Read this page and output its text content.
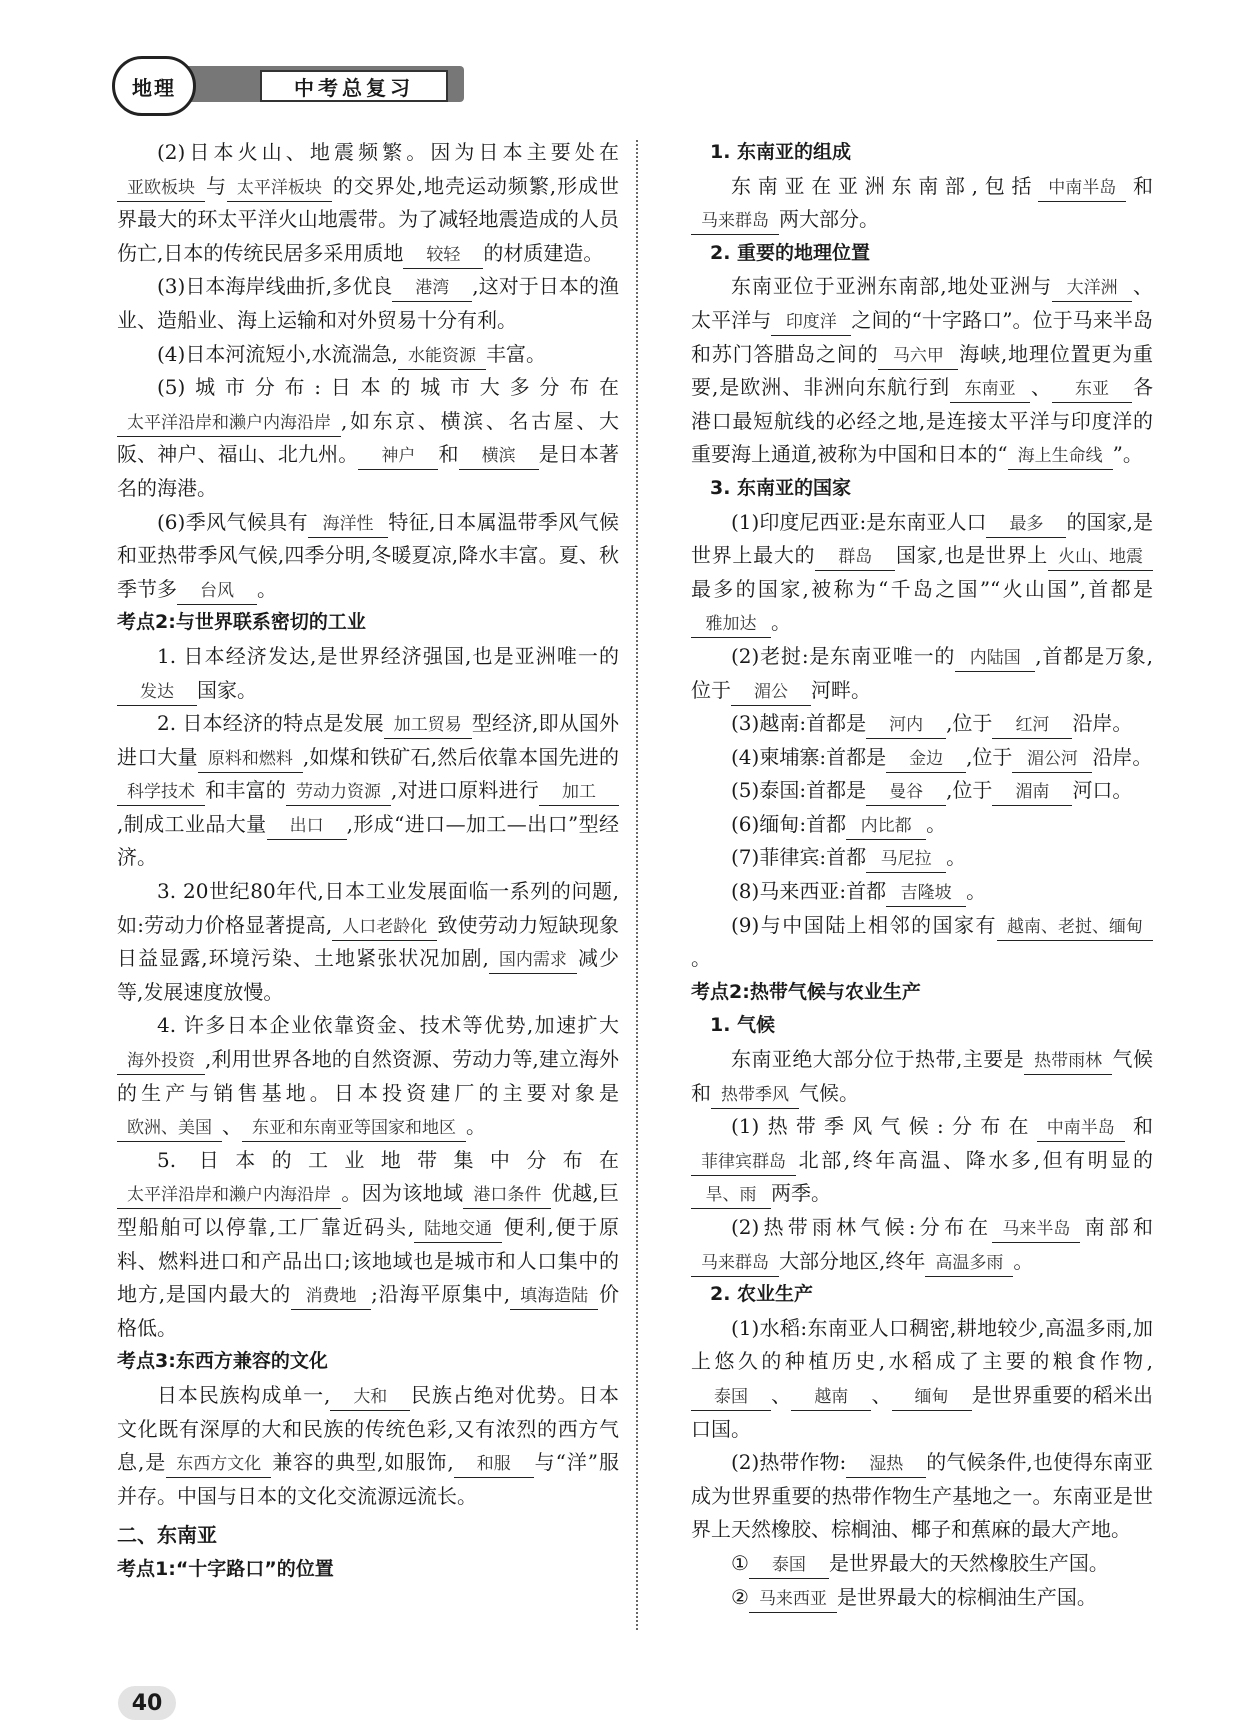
地理	中考总复习

(2)日本火山、地震频繁。因为日本主要处在亚欧板块 与 太平洋板块 的交界处,地壳运动频繁,形成世界最大的环太平洋火山地震带。为了减轻地震造成的人员伤亡,日本的传统民居多采用质地 较轻 的材质建造。

(3)日本海岸线曲折,多优良 港湾 ,这对于日本的渔业、造船业、海上运输和对外贸易十分有利。

(4)日本河流短小,水流湍急, 水能资源 丰富。

(5)城市分布:日本的城市大多分布在太平洋沿岸和濑户内海沿岸 ,如东京、横滨、名古屋、大阪、神户、福山、北九州。 神户 和 横滨 是日本著名的海港。

(6)季风气候具有 海洋性 特征,日本属温带季风气候和亚热带季风气候,四季分明,冬暖夏凉,降水丰富。夏、秋季节多 台风 。

考点2:与世界联系密切的工业

1. 日本经济发达,是世界经济强国,也是亚洲唯一的发达 国家。

2. 日本经济的特点是发展 加工贸易 型经济,即从国外进口大量 原料和燃料 ,如煤和铁矿石,然后依靠本国先进的科学技术 和丰富的 劳动力资源 ,对进口原料进行 加工,制成工业品大量 出口 ,形成“进口—加工—出口”型经济。

3. 20世纪80年代,日本工业发展面临一系列的问题,如:劳动力价格显著提高, 人口老龄化 致使劳动力短缺现象日益显露,环境污染、土地紧张状况加剧, 国内需求 减少等,发展速度放慢。

4. 许多日本企业依靠资金、技术等优势,加速扩大海外投资 ,利用世界各地的自然资源、劳动力等,建立海外的生产与销售基地。日本投资建厂的主要对象是欧洲、美国 、 东亚和东南亚等国家和地区 。

5. 日本的工业地带集中分布在太平洋沿岸和濑户内海沿岸 。因为该地域 港口条件 优越,巨型船舶可以停靠,工厂靠近码头, 陆地交通 便利,便于原料、燃料进口和产品出口;该地域也是城市和人口集中的地方,是国内最大的 消费地 ;沿海平原集中, 填海造陆 价格低。

考点3:东西方兼容的文化

日本民族构成单一, 大和 民族占绝对优势。日本文化既有深厚的大和民族的传统色彩,又有浓烈的西方气息,是 东西方文化 兼容的典型,如服饰, 和服 与“洋”服并存。中国与日本的文化交流源远流长。

二、东南亚

考点1:“十字路口”的位置

1. 东南亚的组成

东南亚在亚洲东南部,包括 中南半岛 和马来群岛 两大部分。

2. 重要的地理位置

东南亚位于亚洲东南部,地处亚洲与 大洋洲 、太平洋与 印度洋 之间的“十字路口”。位于马来半岛和苏门答腊岛之间的 马六甲 海峡,地理位置更为重要,是欧洲、非洲向东航行到 东南亚 、 东亚 各港口最短航线的必经之地,是连接太平洋与印度洋的重要海上通道,被称为中国和日本的“ 海上生命线 ”。

3. 东南亚的国家

(1)印度尼西亚:是东南亚人口 最多 的国家,是世界上最大的 群岛 国家,也是世界上 火山、地震最多的国家,被称为“千岛之国”“火山国”,首都是雅加达 。

(2)老挝:是东南亚唯一的 内陆国 ,首都是万象,位于 湄公 河畔。

(3)越南:首都是 河内 ,位于 红河 沿岸。

(4)柬埔寨:首都是 金边 ,位于 湄公河 沿岸。

(5)泰国:首都是 曼谷 ,位于 湄南 河口。

(6)缅甸:首都 内比都 。

(7)菲律宾:首都 马尼拉 。

(8)马来西亚:首都 吉隆坡 。

(9)与中国陆上相邻的国家有 越南、老挝、缅甸。

考点2:热带气候与农业生产

1. 气候

东南亚绝大部分位于热带,主要是 热带雨林 气候和 热带季风 气候。

(1)热带季风气候:分布在 中南半岛 和菲律宾群岛 北部,终年高温、降水多,但有明显的旱、雨 两季。

(2)热带雨林气候:分布在 马来半岛 南部和马来群岛 大部分地区,终年 高温多雨 。

2. 农业生产

(1)水稻:东南亚人口稠密,耕地较少,高温多雨,加上悠久的种植历史,水稻成了主要的粮食作物,泰国 、 越南 、 缅甸 是世界重要的稻米出口国。

(2)热带作物: 湿热 的气候条件,也使得东南亚成为世界重要的热带作物生产基地之一。东南亚是世界上天然橡胶、棕榈油、椰子和蕉麻的最大产地。

① 泰国 是世界最大的天然橡胶生产国。

② 马来西亚 是世界最大的棕榈油生产国。

40
